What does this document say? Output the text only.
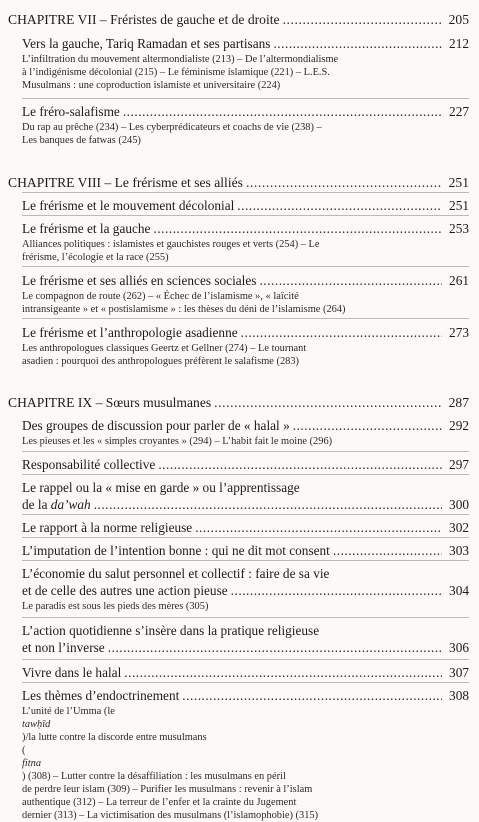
CHAPITRE VII – Fréristes de gauche et de droite . . .	205
Vers la gauche, Tariq Ramadan et ses partisans . . .	212
L’infiltration du mouvement altermondialiste (213) – De l’altermondialisme
à l’indigénisme décolonial (215) – Le féminisme islamique (221) – L.E.S.
Musulmans : une coproduction islamiste et universitaire (224)
Le fréro-salafisme . . .	227
Du rap au prêche (234) – Les cyberprédicateurs et coachs de vie (238) –
Les banques de fatwas (245)
CHAPITRE VIII – Le frérisme et ses alliés . . .	251
Le frérisme et le mouvement décolonial . . .	251
Le frérisme et la gauche . . .	253
Alliances politiques : islamistes et gauchistes rouges et verts (254) – Le
frérisme, l’écologie et la race (255)
Le frérisme et ses alliés en sciences sociales . . .	261
Le compagnon de route (262) – « Échec de l’islamisme », « laïcité
intransigeante » et « postislamisme » : les thèses du déni de l’islamisme (264)
Le frérisme et l’anthropologie asadienne . . .	273
Les anthropologues classiques Geertz et Gellner (274) – Le tournant
asadien : pourquoi des anthropologues préfèrent le salafisme (283)
CHAPITRE IX – Sœurs musulmanes . . .	287
Des groupes de discussion pour parler de « halal » . . .	292
Les pieuses et les « simples croyantes » (294) – L’habit fait le moine (296)
Responsabilité collective . . .	297
Le rappel ou la « mise en garde » ou l’apprentissage
de la da’wah . . .	300
Le rapport à la norme religieuse . . .	302
L’imputation de l’intention bonne : qui ne dit mot consent . . .	303
L’économie du salut personnel et collectif : faire de sa vie
et de celle des autres une action pieuse . . .	304
Le paradis est sous les pieds des mères (305)
L’action quotidienne s’insère dans la pratique religieuse
et non l’inverse . . .	306
Vivre dans le halal . . .	307
Les thèmes d’endoctrinement . . .	308
L’unité de l’Umma (le
tawḥīd
)/la lutte contre la discorde entre musulmans
(
fitna
) (308) – Lutter contre la désaffiliation : les musulmans en péril
de perdre leur islam (309) – Purifier les musulmans : revenir à l’islam
authentique (312) – La terreur de l’enfer et la crainte du Jugement
dernier (313) – La victimisation des musulmans (l’islamophobie) (315)
